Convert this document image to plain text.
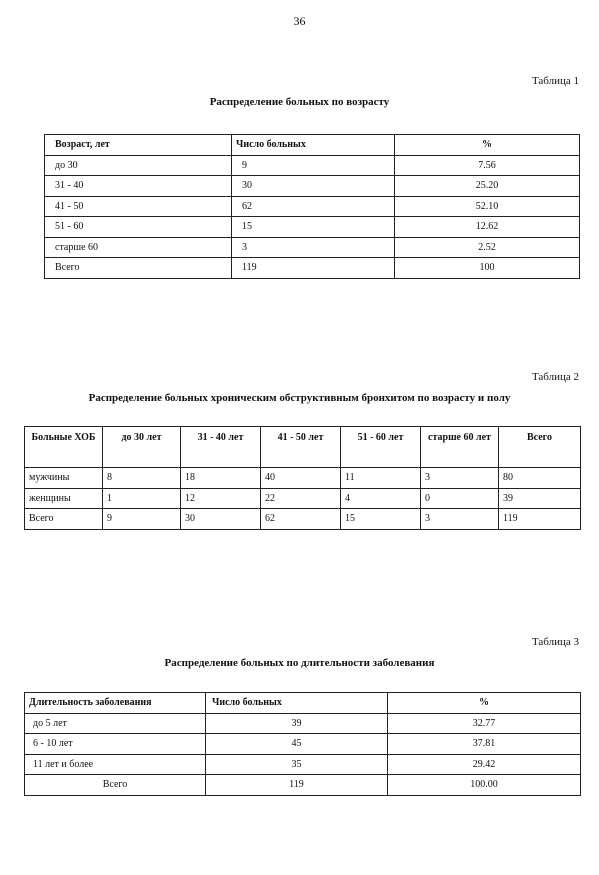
36
Таблица 1
Распределение больных по возрасту
Возраст, лет	Число больных	%
до 30	9	7.56
31 - 40	30	25.20
41 - 50	62	52.10
51 - 60	15	12.62
старше 60	3	2.52
Всего	119	100
Таблица 2
Распределение больных хроническим обструктивным бронхитом по возрасту и полу
Больные ХОБ	до 30 лет	31 - 40 лет	41 - 50 лет	51 - 60 лет	старше 60 лет	Всего
мужчины	8	18	40	11	3	80
женщины	1	12	22	4	0	39
Всего	9	30	62	15	3	119
Таблица 3
Распределение больных по длительности заболевания
Длительность заболевания	Число больных	%
до 5 лет	39	32.77
6 - 10 лет	45	37.81
11 лет и более	35	29.42
Всего	119	100.00
